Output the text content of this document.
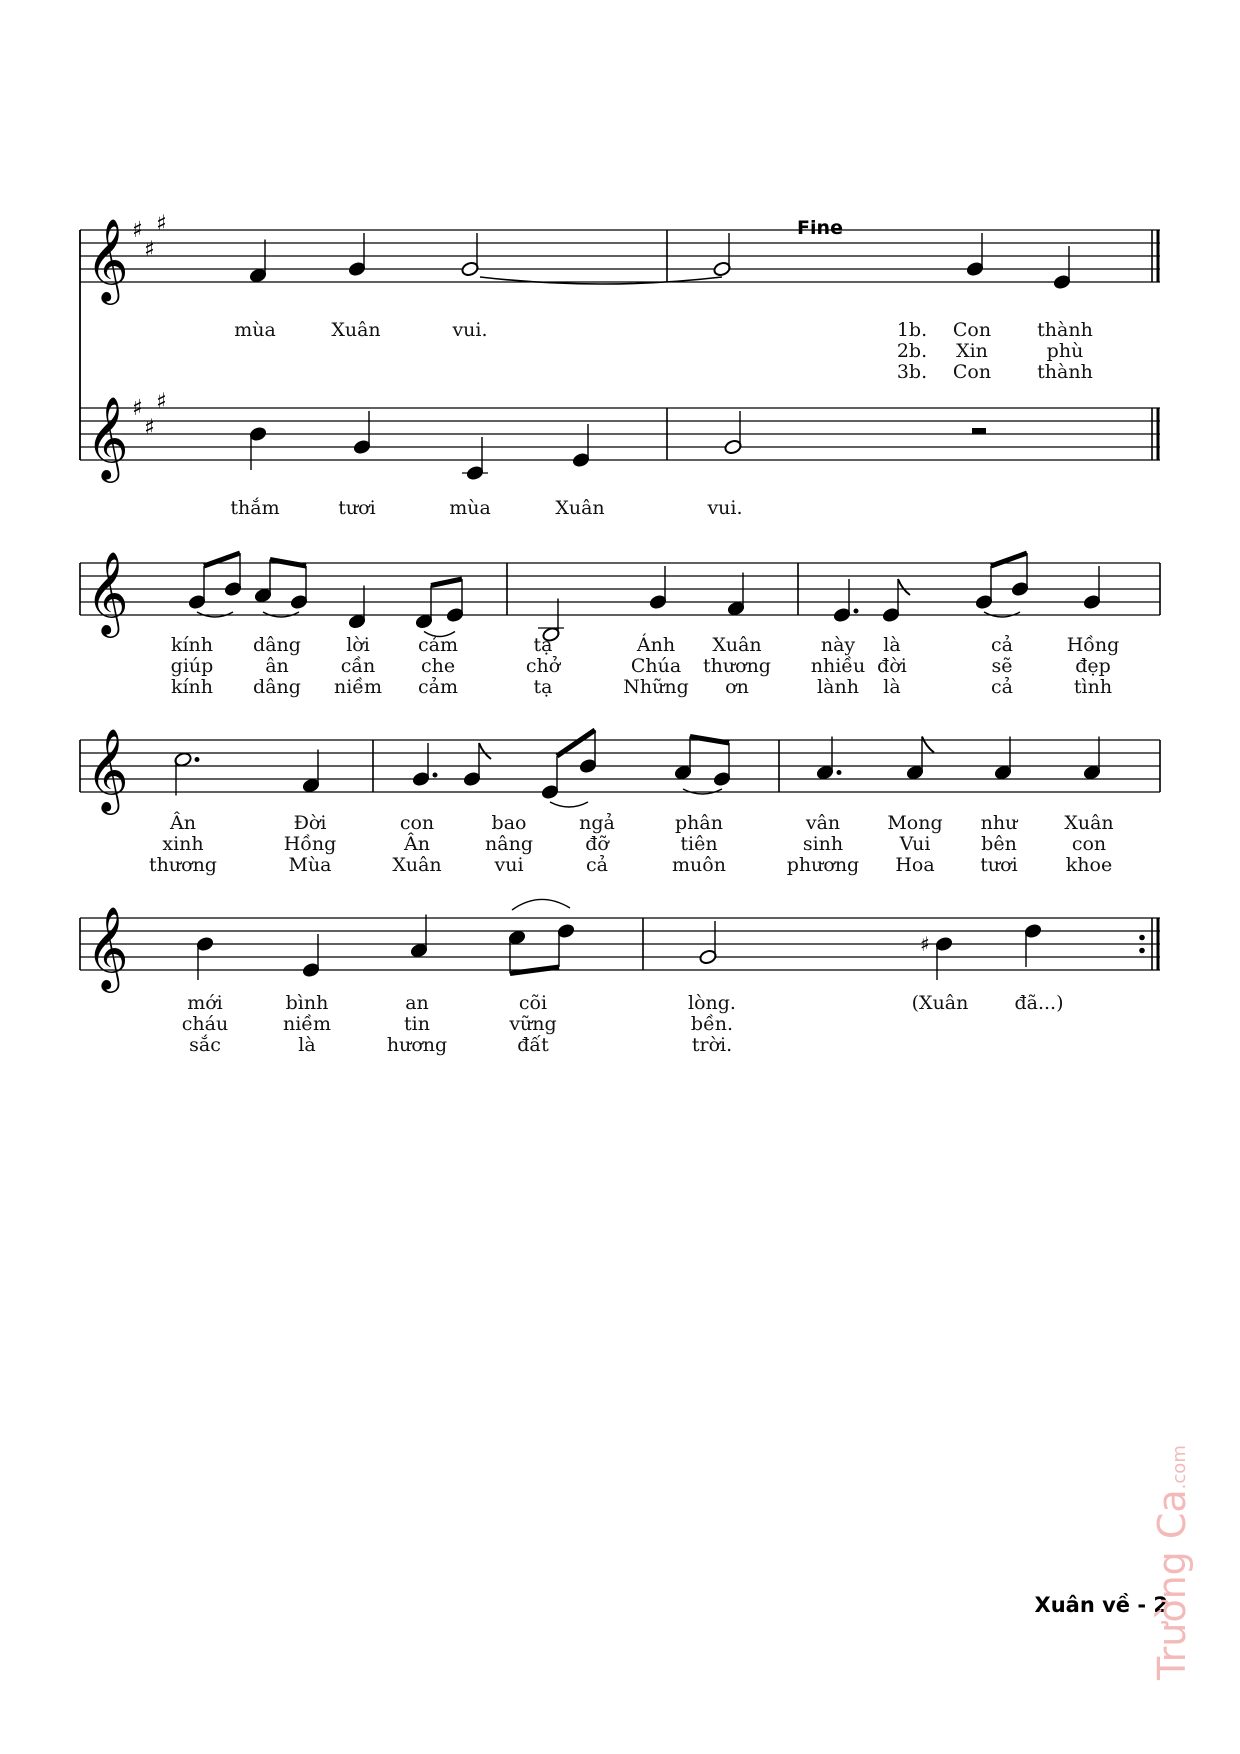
𝄞
𝄞
♯
♯
♯
♯
♯
♯
Fine
mùa	Xuân	vui.	1b. Con thành
2b. Xin	phù
3b. Con thành
thắm	tươi	mùa	Xuân	vui.
𝄞
kính dâng lời	cảm	tạ	Ánh Xuân	này là	cả	Hồng
giúp	ân	cần che	chở	Chúa thương nhiều đời	sẽ	đẹp
kính dâng niềm cảm	tạ	Những ơn	lành là	cả	tình
𝄞
Ân	Đời	con	bao	ngả	phân	vân Mong như Xuân
xinh	Hồng	Ân	nâng	đỡ	tiên	sinh	Vui	bên	con
thương	Mùa	Xuân	vui	cả	muôn	phương Hoa tươi	khoe
𝄞	♯
mới	bình	an	cõi	lòng.	(Xuân đã...)
cháu	niềm	tin	vững	bền.
sắc	là	hương	đất	trời.
Xuân về - 2
Trường Ca.com
